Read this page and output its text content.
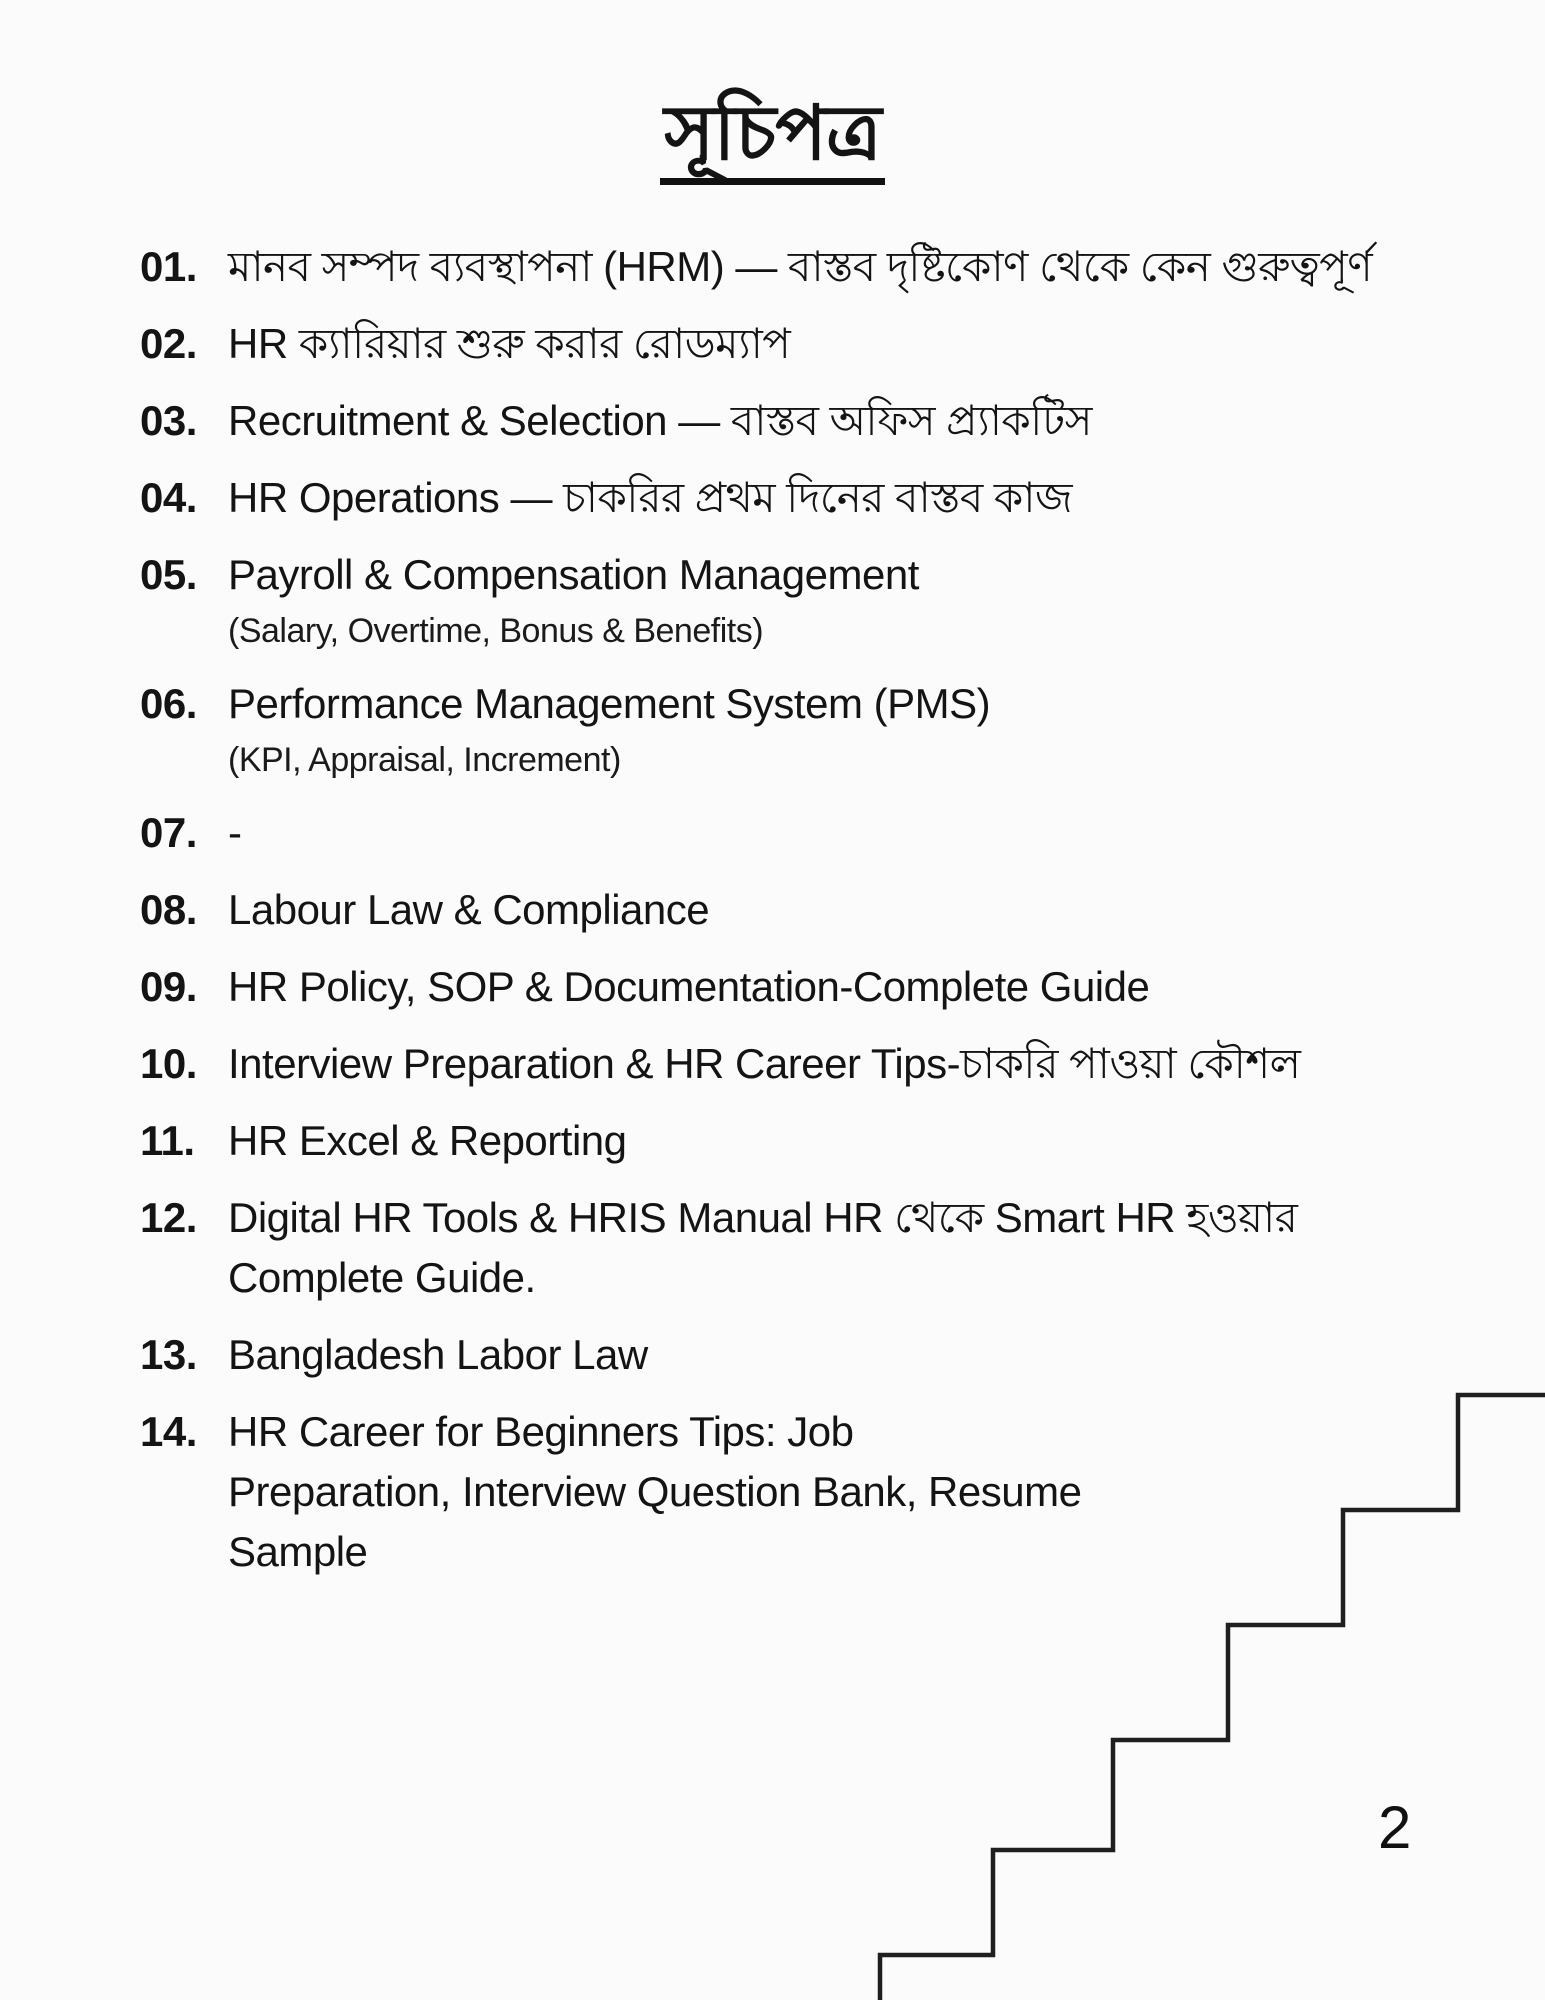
সূচিপত্র
01. মানব সম্পদ ব্যবস্থাপনা (HRM) — বাস্তব দৃষ্টিকোণ থেকে কেন গুরুত্বপূর্ণ
02. HR ক্যারিয়ার শুরু করার রোডম্যাপ
03. Recruitment & Selection — বাস্তব অফিস প্র্যাকটিস
04. HR Operations — চাকরির প্রথম দিনের বাস্তব কাজ
05. Payroll & Compensation Management
(Salary, Overtime, Bonus & Benefits)
06. Performance Management System (PMS)
(KPI, Appraisal, Increment)
07. -
08. Labour Law & Compliance
09. HR Policy, SOP & Documentation-Complete Guide
10. Interview Preparation & HR Career Tips-চাকরি পাওয়া কৌশল
11. HR Excel & Reporting
12. Digital HR Tools & HRIS Manual HR থেকে Smart HR হওয়ার
Complete Guide.
13. Bangladesh Labor Law
14. HR Career for Beginners Tips: Job
Preparation, Interview Question Bank, Resume
Sample
2
